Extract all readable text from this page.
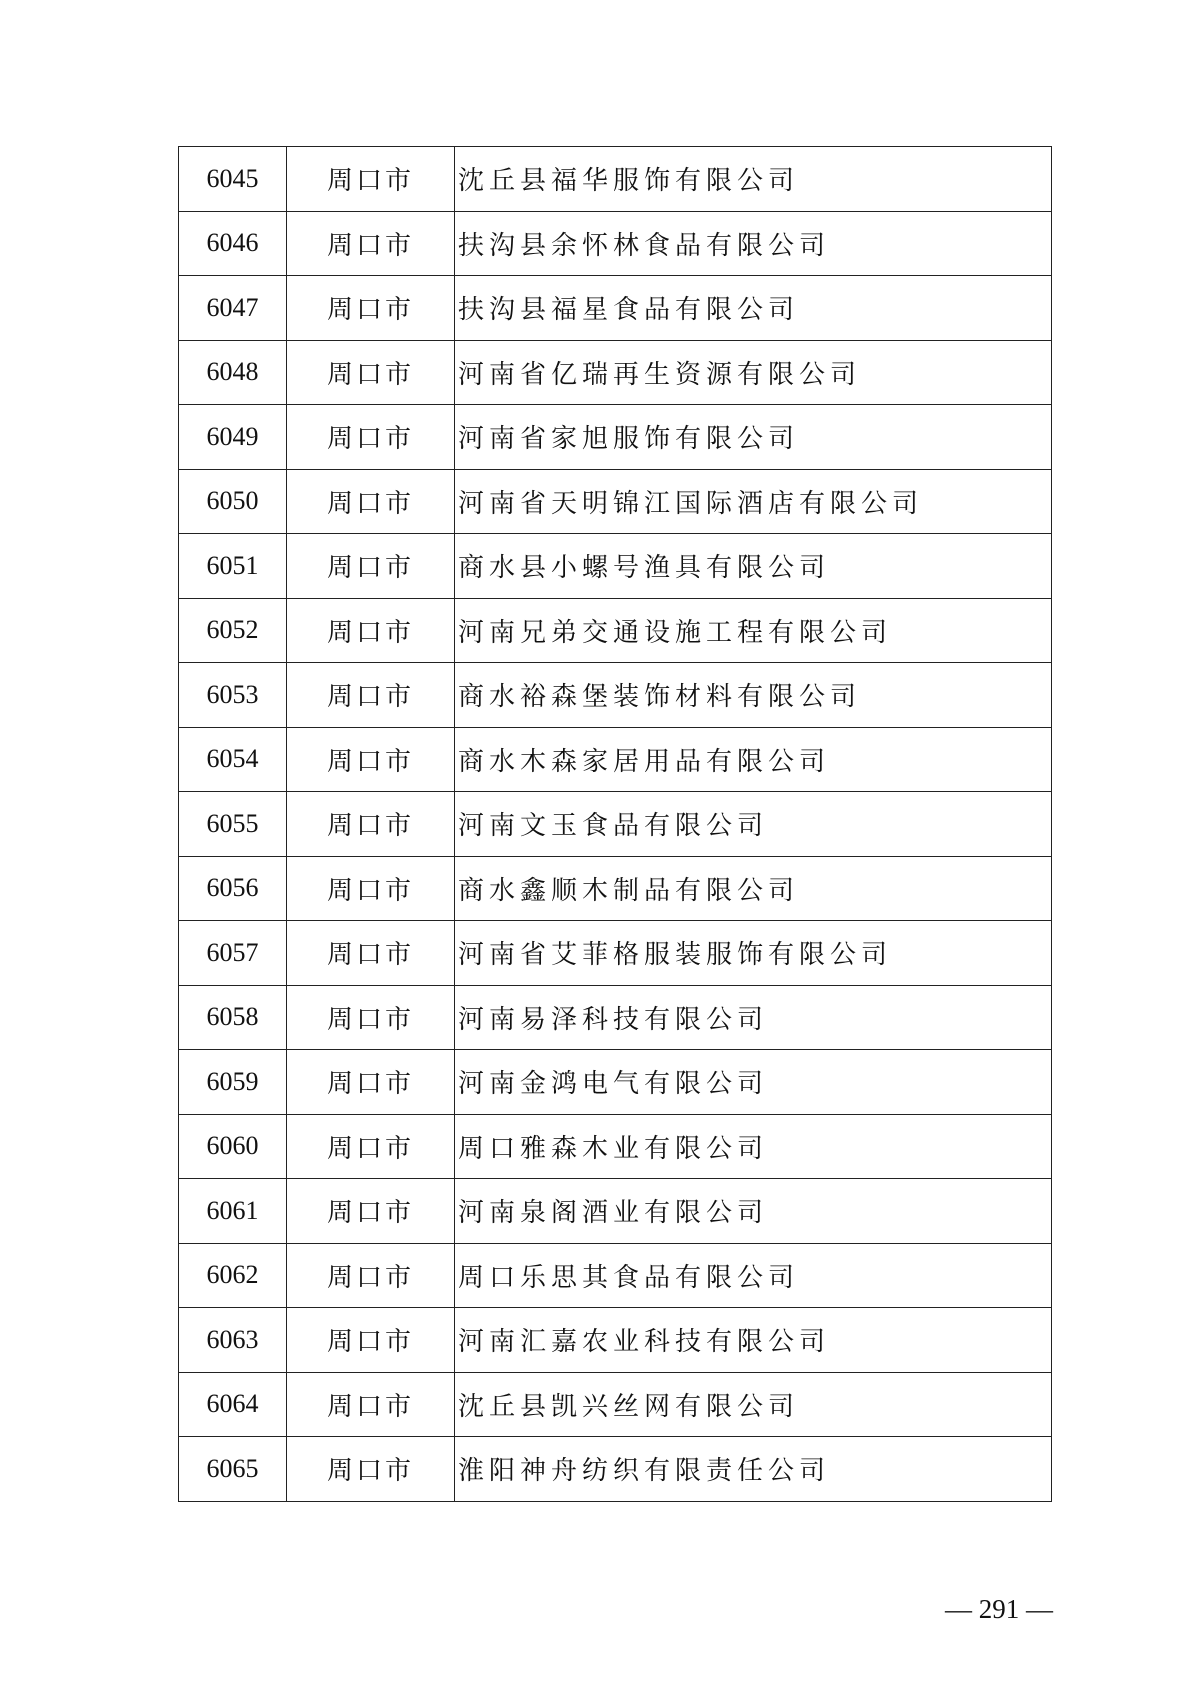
6045	周口市	沈丘县福华服饰有限公司
6046	周口市	扶沟县余怀林食品有限公司
6047	周口市	扶沟县福星食品有限公司
6048	周口市	河南省亿瑞再生资源有限公司
6049	周口市	河南省家旭服饰有限公司
6050	周口市	河南省天明锦江国际酒店有限公司
6051	周口市	商水县小螺号渔具有限公司
6052	周口市	河南兄弟交通设施工程有限公司
6053	周口市	商水裕森堡装饰材料有限公司
6054	周口市	商水木森家居用品有限公司
6055	周口市	河南文玉食品有限公司
6056	周口市	商水鑫顺木制品有限公司
6057	周口市	河南省艾菲格服装服饰有限公司
6058	周口市	河南易泽科技有限公司
6059	周口市	河南金鸿电气有限公司
6060	周口市	周口雅森木业有限公司
6061	周口市	河南泉阁酒业有限公司
6062	周口市	周口乐思其食品有限公司
6063	周口市	河南汇嘉农业科技有限公司
6064	周口市	沈丘县凯兴丝网有限公司
6065	周口市	淮阳神舟纺织有限责任公司
— 291 —
